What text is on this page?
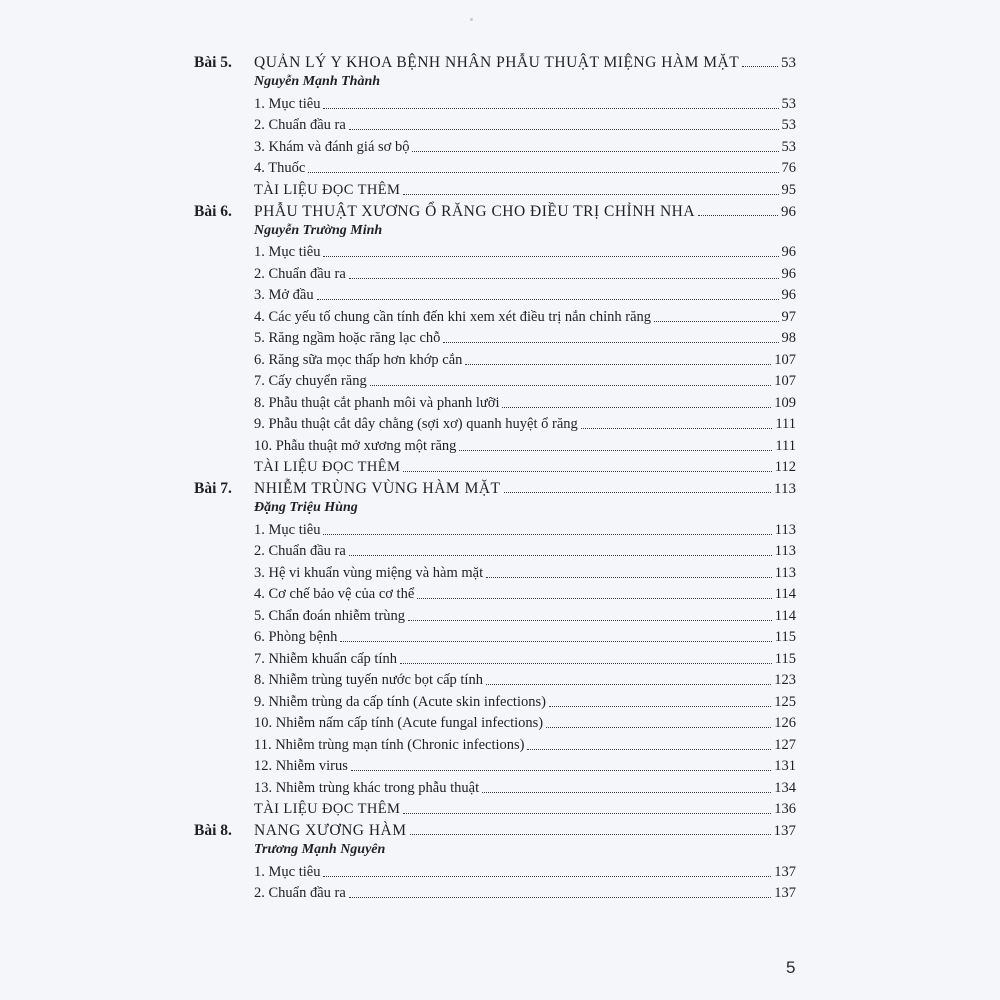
Bài 5.	QUẢN LÝ Y KHOA BỆNH NHÂN PHẪU THUẬT MIỆNG HÀM MẶT	53
Nguyễn Mạnh Thành
1. Mục tiêu	53
2. Chuẩn đầu ra	53
3. Khám và đánh giá sơ bộ	53
4. Thuốc	76
TÀI LIỆU ĐỌC THÊM	95
Bài 6.	PHẪU THUẬT XƯƠNG Ổ RĂNG CHO ĐIỀU TRỊ CHỈNH NHA	96
Nguyễn Trường Minh
1. Mục tiêu	96
2. Chuẩn đầu ra	96
3. Mở đầu	96
4. Các yếu tố chung cần tính đến khi xem xét điều trị nắn chỉnh răng	97
5. Răng ngầm hoặc răng lạc chỗ	98
6. Răng sữa mọc thấp hơn khớp cắn	107
7. Cấy chuyển răng	107
8. Phẫu thuật cắt phanh môi và phanh lưỡi	109
9. Phẫu thuật cắt dây chằng (sợi xơ) quanh huyệt ổ răng	111
10. Phẫu thuật mở xương một răng	111
TÀI LIỆU ĐỌC THÊM	112
Bài 7.	NHIỄM TRÙNG VÙNG HÀM MẶT	113
Đặng Triệu Hùng
1. Mục tiêu	113
2. Chuẩn đầu ra	113
3. Hệ vi khuẩn vùng miệng và hàm mặt	113
4. Cơ chế bảo vệ của cơ thể	114
5. Chẩn đoán nhiễm trùng	114
6. Phòng bệnh	115
7. Nhiễm khuẩn cấp tính	115
8. Nhiễm trùng tuyến nước bọt cấp tính	123
9. Nhiễm trùng da cấp tính (Acute skin infections)	125
10. Nhiễm nấm cấp tính (Acute fungal infections)	126
11. Nhiễm trùng mạn tính (Chronic infections)	127
12. Nhiễm virus	131
13. Nhiễm trùng khác trong phẫu thuật	134
TÀI LIỆU ĐỌC THÊM	136
Bài 8.	NANG XƯƠNG HÀM	137
Trương Mạnh Nguyên
1. Mục tiêu	137
2. Chuẩn đầu ra	137
5
